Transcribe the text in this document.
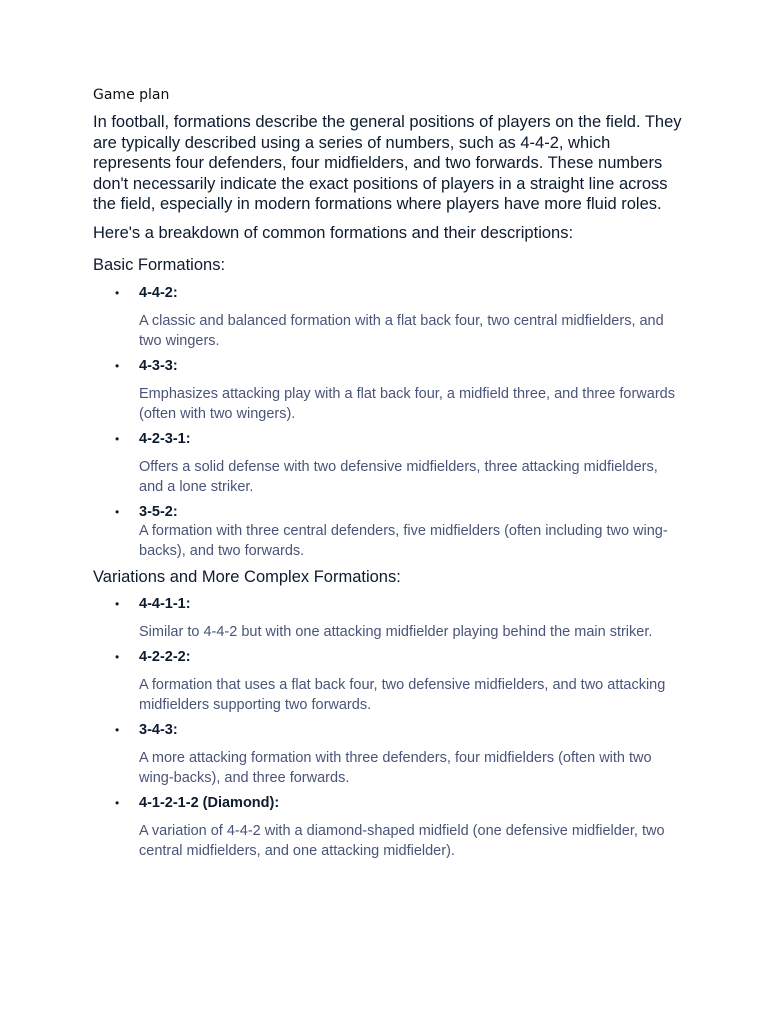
Game plan

In football, formations describe the general positions of players on the field. They are typically described using a series of numbers, such as 4-4-2, which represents four defenders, four midfielders, and two forwards. These numbers don't necessarily indicate the exact positions of players in a straight line across the field, especially in modern formations where players have more fluid roles.

Here's a breakdown of common formations and their descriptions:

Basic Formations:

• 4-4-2:

A classic and balanced formation with a flat back four, two central midfielders, and two wingers.

• 4-3-3:

Emphasizes attacking play with a flat back four, a midfield three, and three forwards (often with two wingers).

• 4-2-3-1:

Offers a solid defense with two defensive midfielders, three attacking midfielders, and a lone striker.

• 3-5-2:

A formation with three central defenders, five midfielders (often including two wing-backs), and two forwards.

Variations and More Complex Formations:

• 4-4-1-1:

Similar to 4-4-2 but with one attacking midfielder playing behind the main striker.

• 4-2-2-2:

A formation that uses a flat back four, two defensive midfielders, and two attacking midfielders supporting two forwards.

• 3-4-3:

A more attacking formation with three defenders, four midfielders (often with two wing-backs), and three forwards.

• 4-1-2-1-2 (Diamond):

A variation of 4-4-2 with a diamond-shaped midfield (one defensive midfielder, two central midfielders, and one attacking midfielder).
